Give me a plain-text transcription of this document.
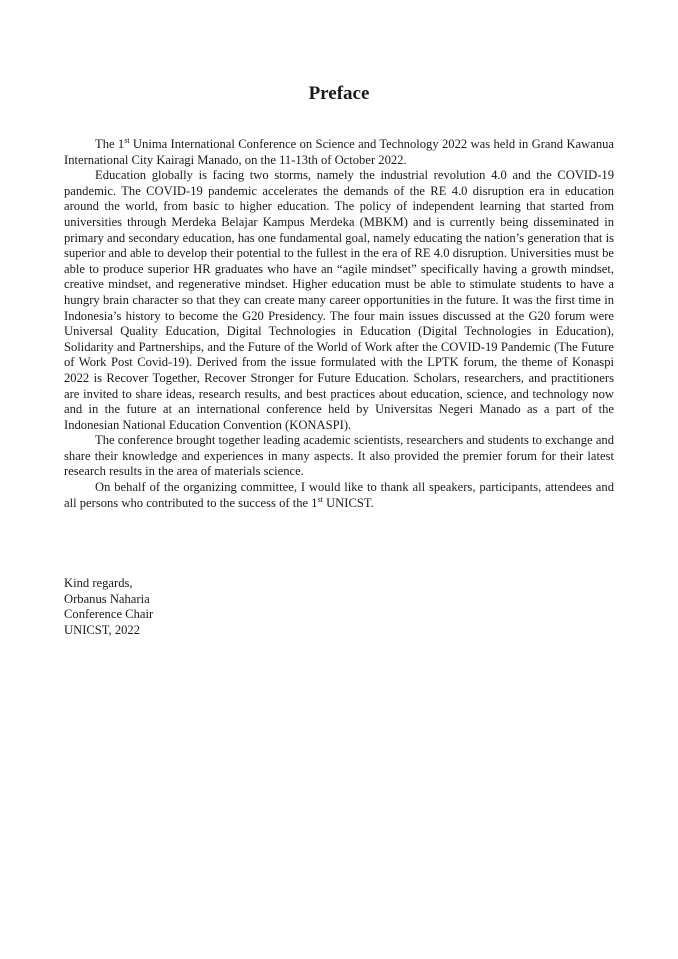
Preface

The 1st Unima International Conference on Science and Technology 2022 was held in Grand Kawanua International City Kairagi Manado, on the 11-13th of October 2022.

Education globally is facing two storms, namely the industrial revolution 4.0 and the COVID-19 pandemic. The COVID-19 pandemic accelerates the demands of the RE 4.0 disruption era in education around the world, from basic to higher education. The policy of independent learning that started from universities through Merdeka Belajar Kampus Merdeka (MBKM) and is currently being disseminated in primary and secondary education, has one fundamental goal, namely educating the nation’s generation that is superior and able to develop their potential to the fullest in the era of RE 4.0 disruption. Universities must be able to produce superior HR graduates who have an “agile mindset” specifically having a growth mindset, creative mindset, and regenerative mindset. Higher education must be able to stimulate students to have a hungry brain character so that they can create many career opportunities in the future. It was the first time in Indonesia’s history to become the G20 Presidency. The four main issues discussed at the G20 forum were Universal Quality Education, Digital Technologies in Education (Digital Technologies in Education), Solidarity and Partnerships, and the Future of the World of Work after the COVID-19 Pandemic (The Future of Work Post Covid-19). Derived from the issue formulated with the LPTK forum, the theme of Konaspi 2022 is Recover Together, Recover Stronger for Future Education. Scholars, researchers, and practitioners are invited to share ideas, research results, and best practices about education, science, and technology now and in the future at an international conference held by Universitas Negeri Manado as a part of the Indonesian National Education Convention (KONASPI).

The conference brought together leading academic scientists, researchers and students to exchange and share their knowledge and experiences in many aspects. It also provided the premier forum for their latest research results in the area of materials science.

On behalf of the organizing committee, I would like to thank all speakers, participants, attendees and all persons who contributed to the success of the 1st UNICST.

Kind regards,
Orbanus Naharia
Conference Chair
UNICST, 2022
